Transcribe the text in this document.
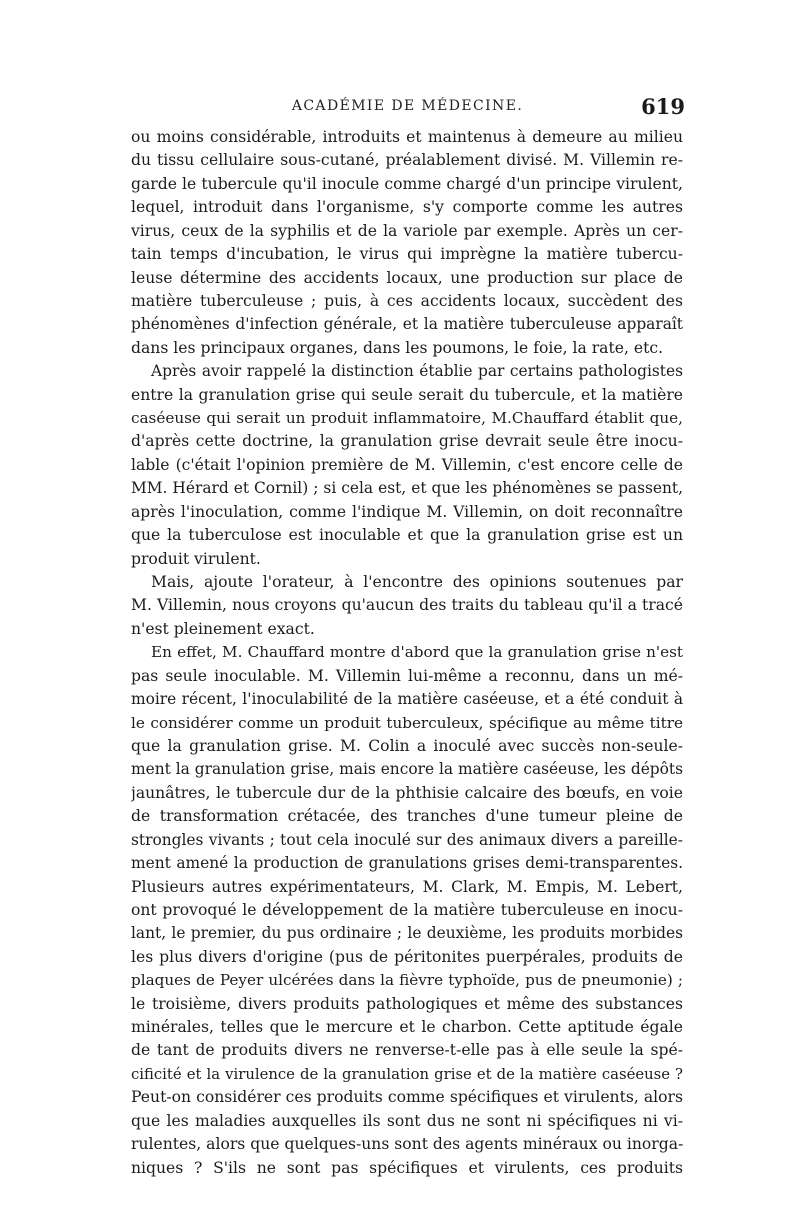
ACADÉMIE DE MÉDECINE.	619
ou moins considérable, introduits et maintenus à demeure au milieu
du tissu cellulaire sous-cutané, préalablement divisé. M. Villemin re-
garde le tubercule qu'il inocule comme chargé d'un principe virulent,
lequel, introduit dans l'organisme, s'y comporte comme les autres
virus, ceux de la syphilis et de la variole par exemple. Après un cer-
tain temps d'incubation, le virus qui imprègne la matière tubercu-
leuse détermine des accidents locaux, une production sur place de
matière tuberculeuse ; puis, à ces accidents locaux, succèdent des
phénomènes d'infection générale, et la matière tuberculeuse apparaît
dans les principaux organes, dans les poumons, le foie, la rate, etc.
Après avoir rappelé la distinction établie par certains pathologistes
entre la granulation grise qui seule serait du tubercule, et la matière
caséeuse qui serait un produit inflammatoire, M.Chauffard établit que,
d'après cette doctrine, la granulation grise devrait seule être inocu-
lable (c'était l'opinion première de M. Villemin, c'est encore celle de
MM. Hérard et Cornil) ; si cela est, et que les phénomènes se passent,
après l'inoculation, comme l'indique M. Villemin, on doit reconnaître
que la tuberculose est inoculable et que la granulation grise est un
produit virulent.
Mais, ajoute l'orateur, à l'encontre des opinions soutenues par
M. Villemin, nous croyons qu'aucun des traits du tableau qu'il a tracé
n'est pleinement exact.
En effet, M. Chauffard montre d'abord que la granulation grise n'est
pas seule inoculable. M. Villemin lui-même a reconnu, dans un mé-
moire récent, l'inoculabilité de la matière caséeuse, et a été conduit à
le considérer comme un produit tuberculeux, spécifique au même titre
que la granulation grise. M. Colin a inoculé avec succès non-seule-
ment la granulation grise, mais encore la matière caséeuse, les dépôts
jaunâtres, le tubercule dur de la phthisie calcaire des bœufs, en voie
de transformation crétacée, des tranches d'une tumeur pleine de
strongles vivants ; tout cela inoculé sur des animaux divers a pareille-
ment amené la production de granulations grises demi-transparentes.
Plusieurs autres expérimentateurs, M. Clark, M. Empis, M. Lebert,
ont provoqué le développement de la matière tuberculeuse en inocu-
lant, le premier, du pus ordinaire ; le deuxième, les produits morbides
les plus divers d'origine (pus de péritonites puerpérales, produits de
plaques de Peyer ulcérées dans la fièvre typhoïde, pus de pneumonie) ;
le troisième, divers produits pathologiques et même des substances
minérales, telles que le mercure et le charbon. Cette aptitude égale
de tant de produits divers ne renverse-t-elle pas à elle seule la spé-
cificité et la virulence de la granulation grise et de la matière caséeuse ?
Peut-on considérer ces produits comme spécifiques et virulents, alors
que les maladies auxquelles ils sont dus ne sont ni spécifiques ni vi-
rulentes, alors que quelques-uns sont des agents minéraux ou inorga-
niques ? S'ils ne sont pas spécifiques et virulents, ces produits
